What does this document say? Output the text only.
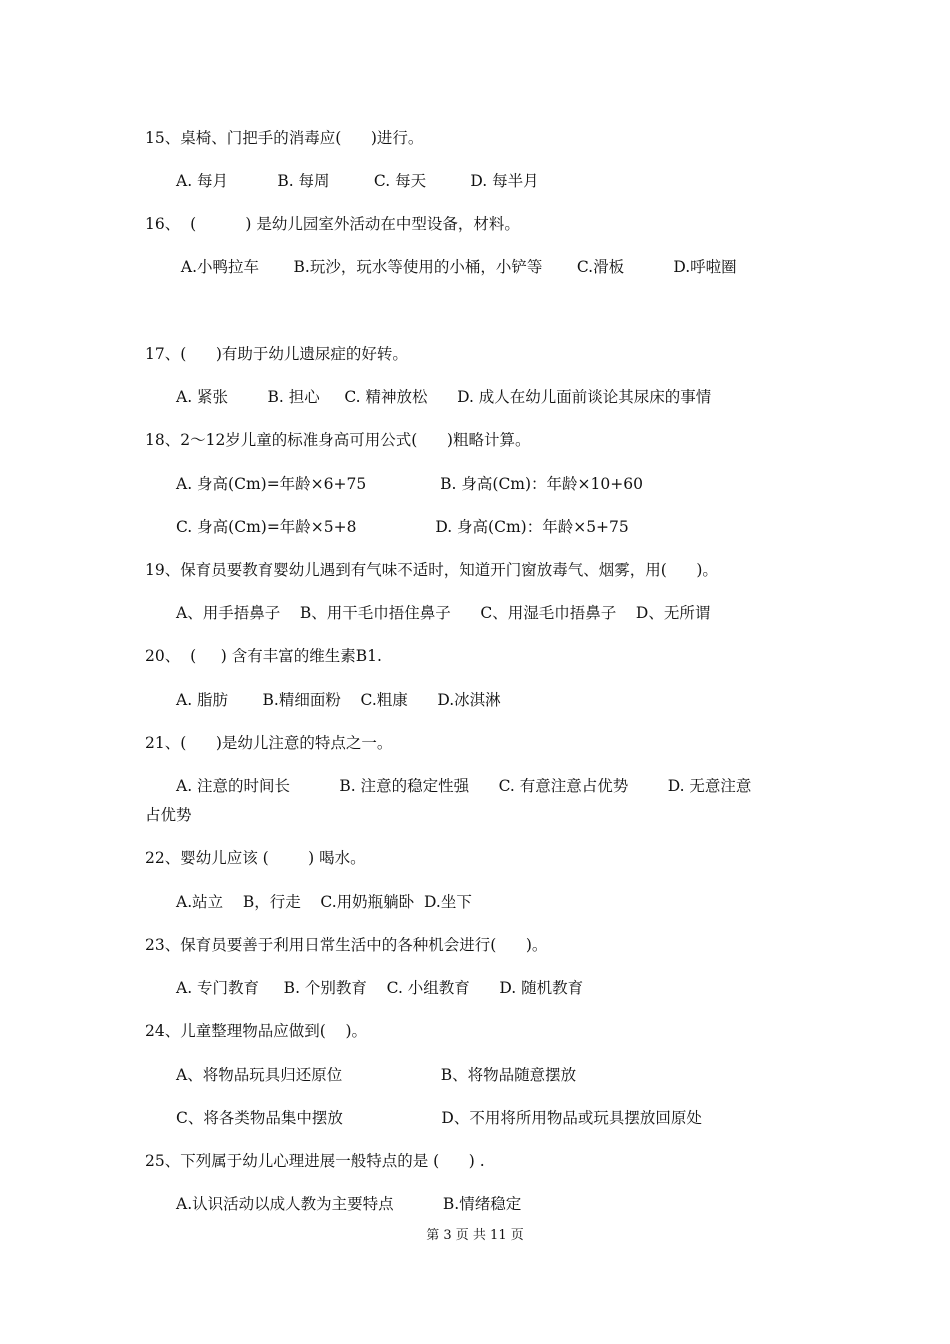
15、桌椅、门把手的消毒应(      )进行。
A. 每月          B. 每周         C. 每天         D. 每半月
16、  (          ) 是幼儿园室外活动在中型设备，材料。
A.小鸭拉车       B.玩沙，玩水等使用的小桶，小铲等       C.滑板          D.呼啦圈
17、(      )有助于幼儿遗尿症的好转。
A. 紧张        B. 担心     C. 精神放松      D. 成人在幼儿面前谈论其尿床的事情
18、2～12岁儿童的标准身高可用公式(      )粗略计算。
A. 身高(Cm)=年龄×6+75               B. 身高(Cm)：年龄×10+60
C. 身高(Cm)=年龄×5+8                D. 身高(Cm)：年龄×5+75
19、保育员要教育婴幼儿遇到有气味不适时，知道开门窗放毒气、烟雾，用(      )。
A、用手捂鼻子    B、用干毛巾捂住鼻子      C、用湿毛巾捂鼻子    D、无所谓
20、  (     ) 含有丰富的维生素B1.
A. 脂肪       B.精细面粉    C.粗康      D.冰淇淋
21、(      )是幼儿注意的特点之一。
A. 注意的时间长          B. 注意的稳定性强      C. 有意注意占优势        D. 无意注意
占优势
22、婴幼儿应该 (        ) 喝水。
A.站立    B，行走    C.用奶瓶躺卧  D.坐下
23、保育员要善于利用日常生活中的各种机会进行(      )。
A. 专门教育     B. 个别教育    C. 小组教育      D. 随机教育
24、儿童整理物品应做到(    )。
A、将物品玩具归还原位                    B、将物品随意摆放
C、将各类物品集中摆放                    D、不用将所用物品或玩具摆放回原处
25、下列属于幼儿心理进展一般特点的是 (      ) .
A.认识活动以成人教为主要特点          B.情绪稳定
第 3 页 共 11 页
